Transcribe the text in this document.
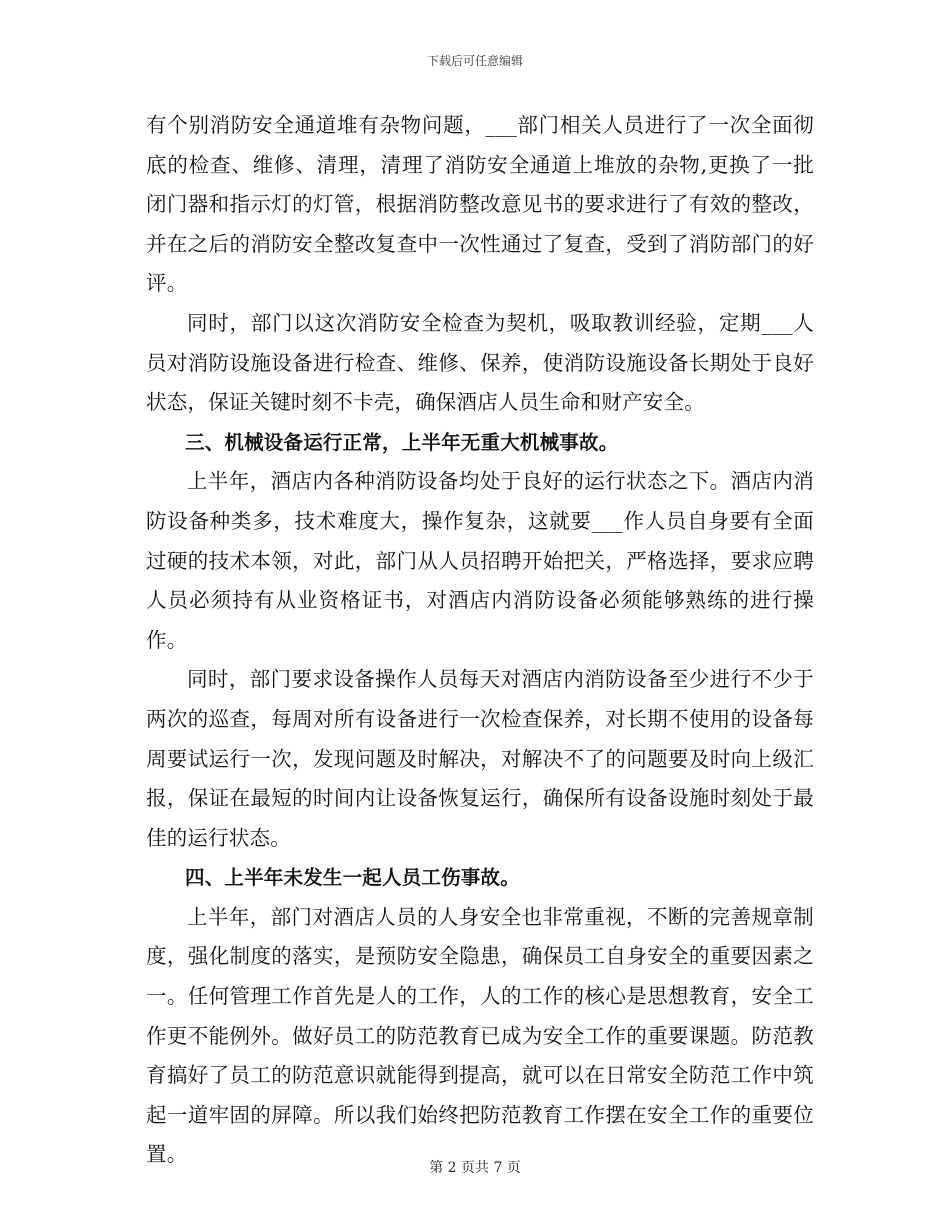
下载后可任意编辑

有个别消防安全通道堆有杂物问题，___部门相关人员进行了一次全面彻底的检查、维修、清理，清理了消防安全通道上堆放的杂物,更换了一批闭门器和指示灯的灯管，根据消防整改意见书的要求进行了有效的整改，并在之后的消防安全整改复查中一次性通过了复查，受到了消防部门的好评。

同时，部门以这次消防安全检查为契机，吸取教训经验，定期___人员对消防设施设备进行检查、维修、保养，使消防设施设备长期处于良好状态，保证关键时刻不卡壳，确保酒店人员生命和财产安全。

三、机械设备运行正常，上半年无重大机械事故。

上半年，酒店内各种消防设备均处于良好的运行状态之下。酒店内消防设备种类多，技术难度大，操作复杂，这就要___作人员自身要有全面过硬的技术本领，对此，部门从人员招聘开始把关，严格选择，要求应聘人员必须持有从业资格证书，对酒店内消防设备必须能够熟练的进行操作。

同时，部门要求设备操作人员每天对酒店内消防设备至少进行不少于两次的巡查，每周对所有设备进行一次检查保养，对长期不使用的设备每周要试运行一次，发现问题及时解决，对解决不了的问题要及时向上级汇报，保证在最短的时间内让设备恢复运行，确保所有设备设施时刻处于最佳的运行状态。

四、上半年未发生一起人员工伤事故。

上半年，部门对酒店人员的人身安全也非常重视，不断的完善规章制度，强化制度的落实，是预防安全隐患，确保员工自身安全的重要因素之一。任何管理工作首先是人的工作，人的工作的核心是思想教育，安全工作更不能例外。做好员工的防范教育已成为安全工作的重要课题。防范教育搞好了员工的防范意识就能得到提高，就可以在日常安全防范工作中筑起一道牢固的屏障。所以我们始终把防范教育工作摆在安全工作的重要位置。

第 2 页共 7 页
